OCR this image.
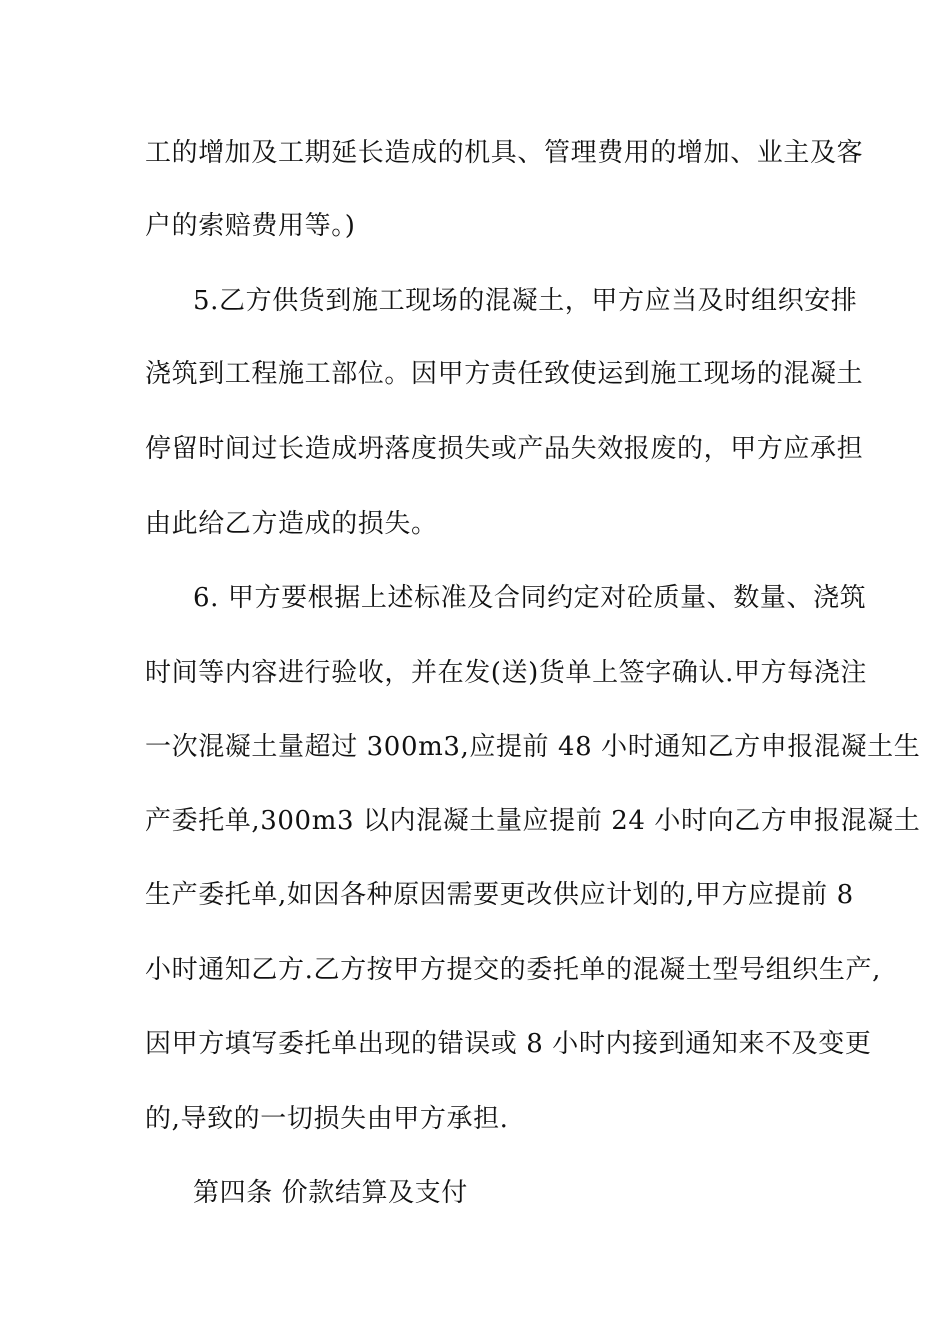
工的增加及工期延长造成的机具、管理费用的增加、业主及客
户的索赔费用等。)
5.乙方供货到施工现场的混凝土，甲方应当及时组织安排
浇筑到工程施工部位。因甲方责任致使运到施工现场的混凝土
停留时间过长造成坍落度损失或产品失效报废的，甲方应承担
由此给乙方造成的损失。
6. 甲方要根据上述标准及合同约定对砼质量、数量、浇筑
时间等内容进行验收，并在发(送)货单上签字确认.甲方每浇注
一次混凝土量超过 300m3,应提前 48 小时通知乙方申报混凝土生
产委托单,300m3 以内混凝土量应提前 24 小时向乙方申报混凝土
生产委托单,如因各种原因需要更改供应计划的,甲方应提前 8
小时通知乙方.乙方按甲方提交的委托单的混凝土型号组织生产,
因甲方填写委托单出现的错误或 8 小时内接到通知来不及变更
的,导致的一切损失由甲方承担.
第四条 价款结算及支付
